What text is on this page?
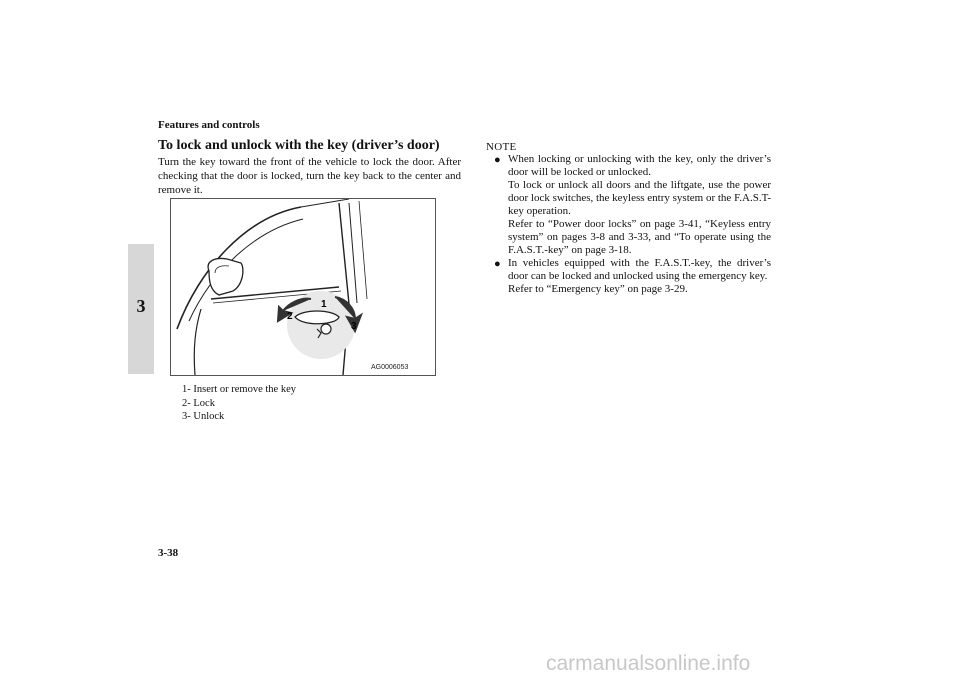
Features and controls
3
To lock and unlock with the key (driver’s door)
Turn the key toward the front of the vehicle to lock the door. After checking that the door is locked, turn the key back to the center and remove it.
1
2
3
AG0006053
1- Insert or remove the key
2- Lock
3- Unlock
NOTE
● When locking or unlocking with the key, only the driver’s door will be locked or unlocked.

To lock or unlock all doors and the liftgate, use the power door lock switches, the keyless entry system or the F.A.S.T-key operation.

Refer to “Power door locks” on page 3-41, “Keyless entry system” on pages 3-8 and 3-33, and “To operate using the F.A.S.T.-key” on page 3-18.

● In vehicles equipped with the F.A.S.T.-key, the driver’s door can be locked and unlocked using the emergency key.

Refer to “Emergency key” on page 3-29.

3-38
carmanualsonline.info
